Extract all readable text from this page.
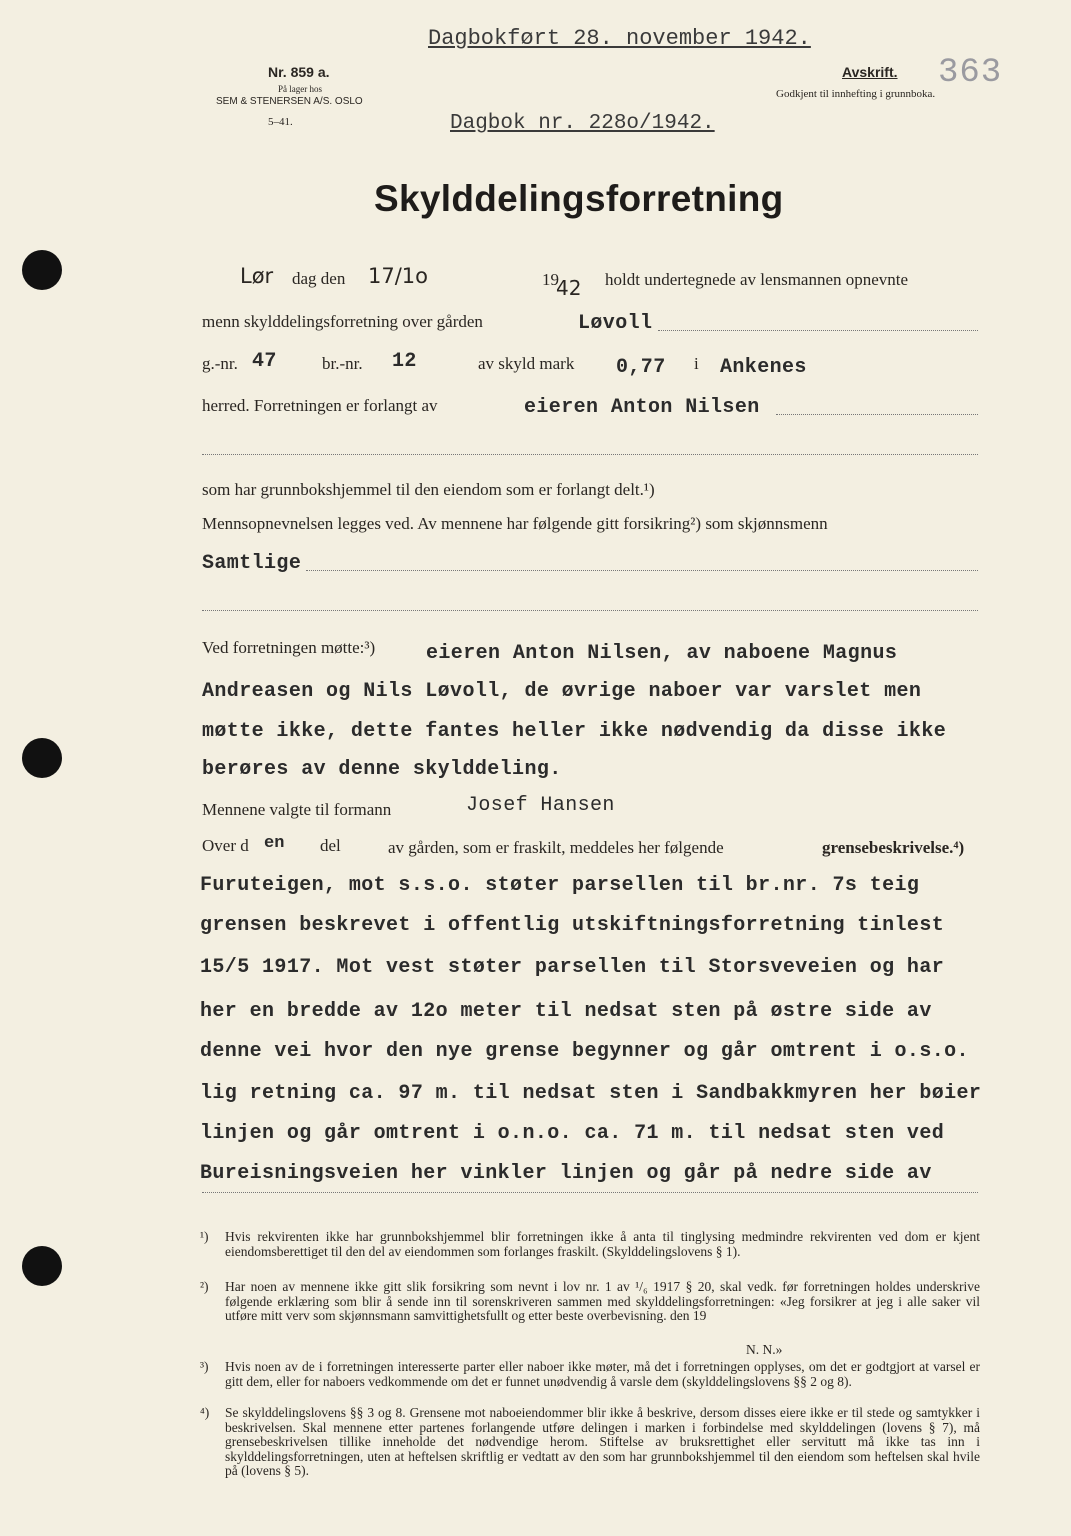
Dagbokført 28. november 1942.
Nr. 859 a.
På lager hos
SEM & STENERSEN A/S. OSLO
5–41.
Avskrift.
Godkjent til innhefting i grunnboka.
363
Dagbok nr. 228o/1942.
Skylddelingsforretning
Lør dag den 17/1o	19
42 holdt undertegnede av lensmannen opnevnte
menn skylddelingsforretning over gården	Løvoll
g.-nr. 47	br.-nr. 12	av skyld mark 0,77 i Ankenes
herred. Forretningen er forlangt av	eieren Anton Nilsen
som har grunnbokshjemmel til den eiendom som er forlangt delt.¹)
Mennsopnevnelsen legges ved. Av mennene har følgende gitt forsikring²) som skjønnsmenn
Samtlige
Ved forretningen møtte:³)	eieren Anton Nilsen, av naboene Magnus
Andreasen og Nils Løvoll, de øvrige naboer var varslet men
møtte ikke, dette fantes heller ikke nødvendig da disse ikke
berøres av denne skylddeling.
Mennene valgte til formann	Josef Hansen
Over d en del	av gården, som er fraskilt, meddeles her følgende	grensebeskrivelse.⁴)
Furuteigen, mot s.s.o. støter parsellen til br.nr. 7s teig
grensen beskrevet i offentlig utskiftningsforretning tinlest
15/5 1917. Mot vest støter parsellen til Storsveveien og har
her en bredde av 12o meter til nedsat sten på østre side av
denne vei hvor den nye grense begynner og går omtrent i o.s.o.
lig retning ca. 97 m. til nedsat sten i Sandbakkmyren her bøier
linjen og går omtrent i o.n.o. ca. 71 m. til nedsat sten ved
Bureisningsveien her vinkler linjen og går på nedre side av
¹) Hvis rekvirenten ikke har grunnbokshjemmel blir forretningen ikke å anta til tinglysing medmindre rekvirenten ved dom er kjent eiendomsberettiget til den del av eiendommen som forlanges fraskilt. (Skylddelingslovens § 1).
²) Har noen av mennene ikke gitt slik forsikring som nevnt i lov nr. 1 av ¹/₆ 1917 § 20, skal vedk. før forretningen holdes underskrive følgende erklæring som blir å sende inn til sorenskriveren sammen med skylddelingsforretningen: «Jeg forsikrer at jeg i alle saker vil utføre mitt verv som skjønnsmann samvittighetsfullt og etter beste overbevisning. den 19
N. N.»
³) Hvis noen av de i forretningen interesserte parter eller naboer ikke møter, må det i forretningen opplyses, om det er godtgjort at varsel er gitt dem, eller for naboers vedkommende om det er funnet unødvendig å varsle dem (skylddelingslovens §§ 2 og 8).
⁴) Se skylddelingslovens §§ 3 og 8. Grensene mot naboeiendommer blir ikke å beskrive, dersom disses eiere ikke er til stede og samtykker i beskrivelsen. Skal mennene etter partenes forlangende utføre delingen i marken i forbindelse med skylddelingen (lovens § 7), må grensebeskrivelsen tillike inneholde det nødvendige herom. Stiftelse av bruksrettighet eller servitutt må ikke tas inn i skylddelingsforretningen, uten at heftelsen skriftlig er vedtatt av den som har grunnbokshjemmel til den eiendom som heftelsen skal hvile på (lovens § 5).
